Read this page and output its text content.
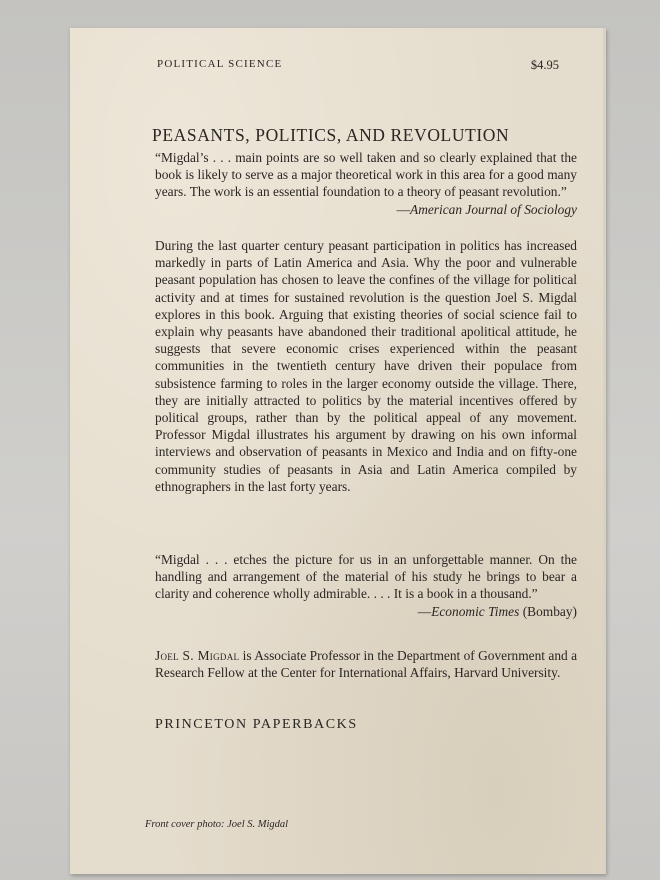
POLITICAL SCIENCE	$4.95
PEASANTS, POLITICS, AND REVOLUTION
“Migdal’s . . . main points are so well taken and so clearly explained that the book is likely to serve as a major theoretical work in this area for a good many years. The work is an essential foundation to a theory of peasant revolution.”
—American Journal of Sociology
During the last quarter century peasant participation in politics has increased markedly in parts of Latin America and Asia. Why the poor and vulnerable peasant population has chosen to leave the confines of the village for political activity and at times for sustained revolution is the question Joel S. Migdal explores in this book. Arguing that existing theories of social science fail to explain why peasants have abandoned their traditional apolitical attitude, he suggests that severe economic crises experienced within the peasant communities in the twentieth century have driven their populace from subsistence farming to roles in the larger economy outside the village. There, they are initially attracted to politics by the material incentives offered by political groups, rather than by the political appeal of any movement. Professor Migdal illustrates his argument by drawing on his own informal interviews and observation of peasants in Mexico and India and on fifty-one community studies of peasants in Asia and Latin America compiled by ethnographers in the last forty years.
“Migdal . . . etches the picture for us in an unforgettable manner. On the handling and arrangement of the material of his study he brings to bear a clarity and coherence wholly admirable. . . . It is a book in a thousand.”
—Economic Times (Bombay)
Joel S. Migdal is Associate Professor in the Department of Government and a Research Fellow at the Center for International Affairs, Harvard University.
PRINCETON PAPERBACKS
Front cover photo: Joel S. Migdal
